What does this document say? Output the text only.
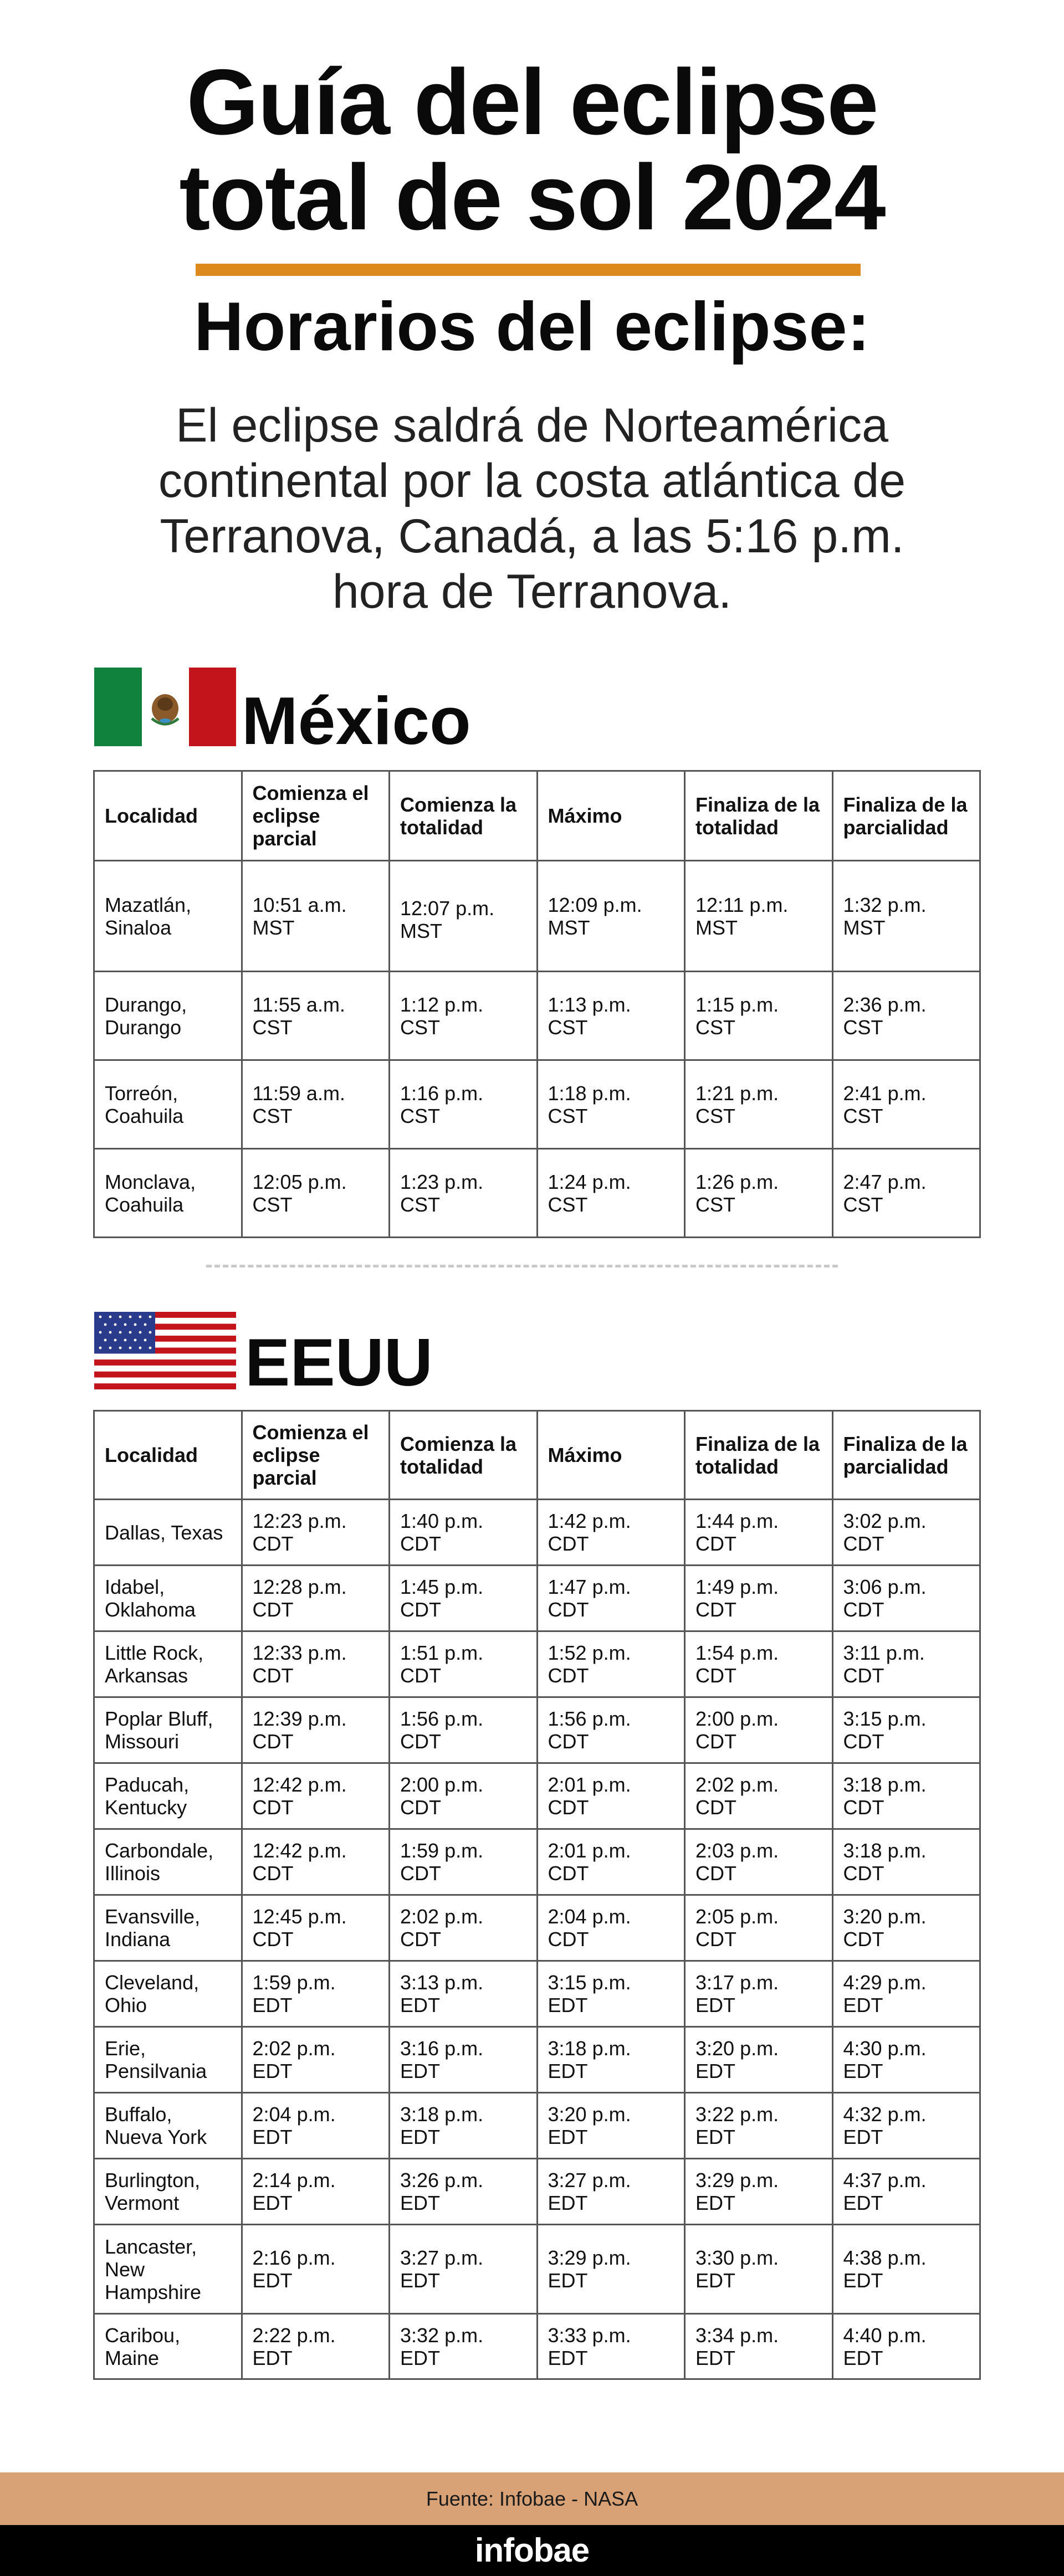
Guía del eclipse
total de sol 2024
Horarios del eclipse:
El eclipse saldrá de Norteamérica continental por la costa atlántica de Terranova, Canadá, a las 5:16 p.m. hora de Terranova.
México
Localidad	Comienza el eclipse parcial	Comienza la totalidad	Máximo	Finaliza de la totalidad	Finaliza de la parcialidad
Mazatlán, Sinaloa	10:51 a.m. MST	12:07 p.m. MST	12:09 p.m. MST	12:11 p.m. MST	1:32 p.m. MST
Durango, Durango	11:55 a.m. CST	1:12 p.m. CST	1:13 p.m. CST	1:15 p.m. CST	2:36 p.m. CST
Torreón, Coahuila	11:59 a.m. CST	1:16 p.m. CST	1:18 p.m. CST	1:21 p.m. CST	2:41 p.m. CST
Monclava, Coahuila	12:05 p.m. CST	1:23 p.m. CST	1:24 p.m. CST	1:26 p.m. CST	2:47 p.m. CST
EEUU
Localidad	Comienza el eclipse parcial	Comienza la totalidad	Máximo	Finaliza de la totalidad	Finaliza de la parcialidad
Dallas, Texas	12:23 p.m. CDT	1:40 p.m. CDT	1:42 p.m. CDT	1:44 p.m. CDT	3:02 p.m. CDT
Idabel, Oklahoma	12:28 p.m. CDT	1:45 p.m. CDT	1:47 p.m. CDT	1:49 p.m. CDT	3:06 p.m. CDT
Little Rock, Arkansas	12:33 p.m. CDT	1:51 p.m. CDT	1:52 p.m. CDT	1:54 p.m. CDT	3:11 p.m. CDT
Poplar Bluff, Missouri	12:39 p.m. CDT	1:56 p.m. CDT	1:56 p.m. CDT	2:00 p.m. CDT	3:15 p.m. CDT
Paducah, Kentucky	12:42 p.m. CDT	2:00 p.m. CDT	2:01 p.m. CDT	2:02 p.m. CDT	3:18 p.m. CDT
Carbondale, Illinois	12:42 p.m. CDT	1:59 p.m. CDT	2:01 p.m. CDT	2:03 p.m. CDT	3:18 p.m. CDT
Evansville, Indiana	12:45 p.m. CDT	2:02 p.m. CDT	2:04 p.m. CDT	2:05 p.m. CDT	3:20 p.m. CDT
Cleveland, Ohio	1:59 p.m. EDT	3:13 p.m. EDT	3:15 p.m. EDT	3:17 p.m. EDT	4:29 p.m. EDT
Erie, Pensilvania	2:02 p.m. EDT	3:16 p.m. EDT	3:18 p.m. EDT	3:20 p.m. EDT	4:30 p.m. EDT
Buffalo, Nueva York	2:04 p.m. EDT	3:18 p.m. EDT	3:20 p.m. EDT	3:22 p.m. EDT	4:32 p.m. EDT
Burlington, Vermont	2:14 p.m. EDT	3:26 p.m. EDT	3:27 p.m. EDT	3:29 p.m. EDT	4:37 p.m. EDT
Lancaster, New Hampshire	2:16 p.m. EDT	3:27 p.m. EDT	3:29 p.m. EDT	3:30 p.m. EDT	4:38 p.m. EDT
Caribou, Maine	2:22 p.m. EDT	3:32 p.m. EDT	3:33 p.m. EDT	3:34 p.m. EDT	4:40 p.m. EDT
Fuente: Infobae - NASA
infobae
